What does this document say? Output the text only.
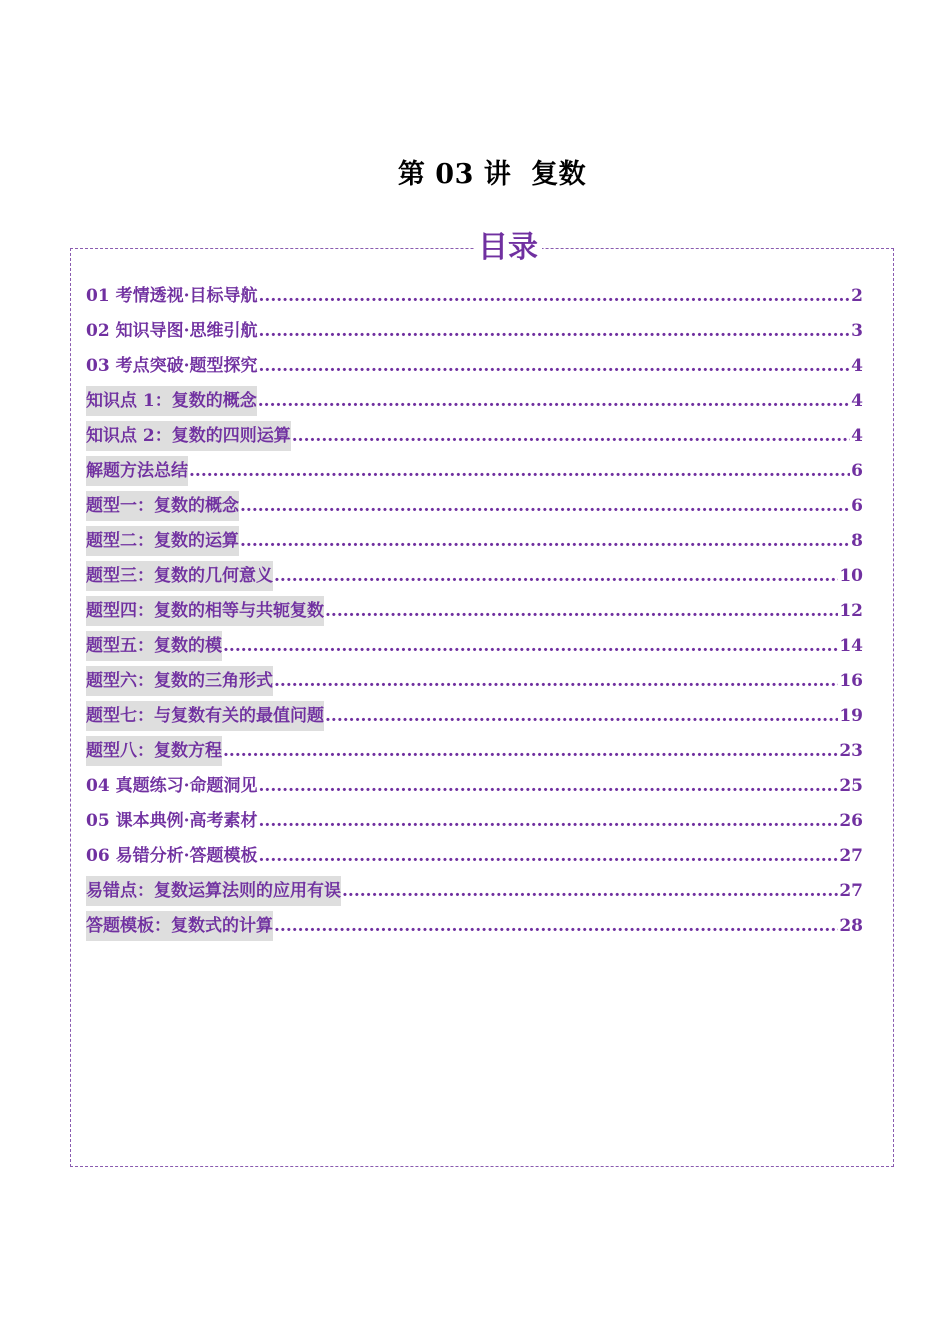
第 03 讲  复数
目录
01 考情透视·目标导航 .....	2
02 知识导图·思维引航 .....	3
03 考点突破·题型探究 .....	4
知识点 1：复数的概念 .....	4
知识点 2：复数的四则运算 .....	4
解题方法总结 .....	6
题型一：复数的概念 .....	6
题型二：复数的运算 .....	8
题型三：复数的几何意义 .....	10
题型四：复数的相等与共轭复数 .....	12
题型五：复数的模 .....	14
题型六：复数的三角形式 .....	16
题型七：与复数有关的最值问题 .....	19
题型八：复数方程 .....	23
04 真题练习·命题洞见 .....	25
05 课本典例·高考素材 .....	26
06 易错分析·答题模板 .....	27
易错点：复数运算法则的应用有误 .....	27
答题模板：复数式的计算 .....	28
